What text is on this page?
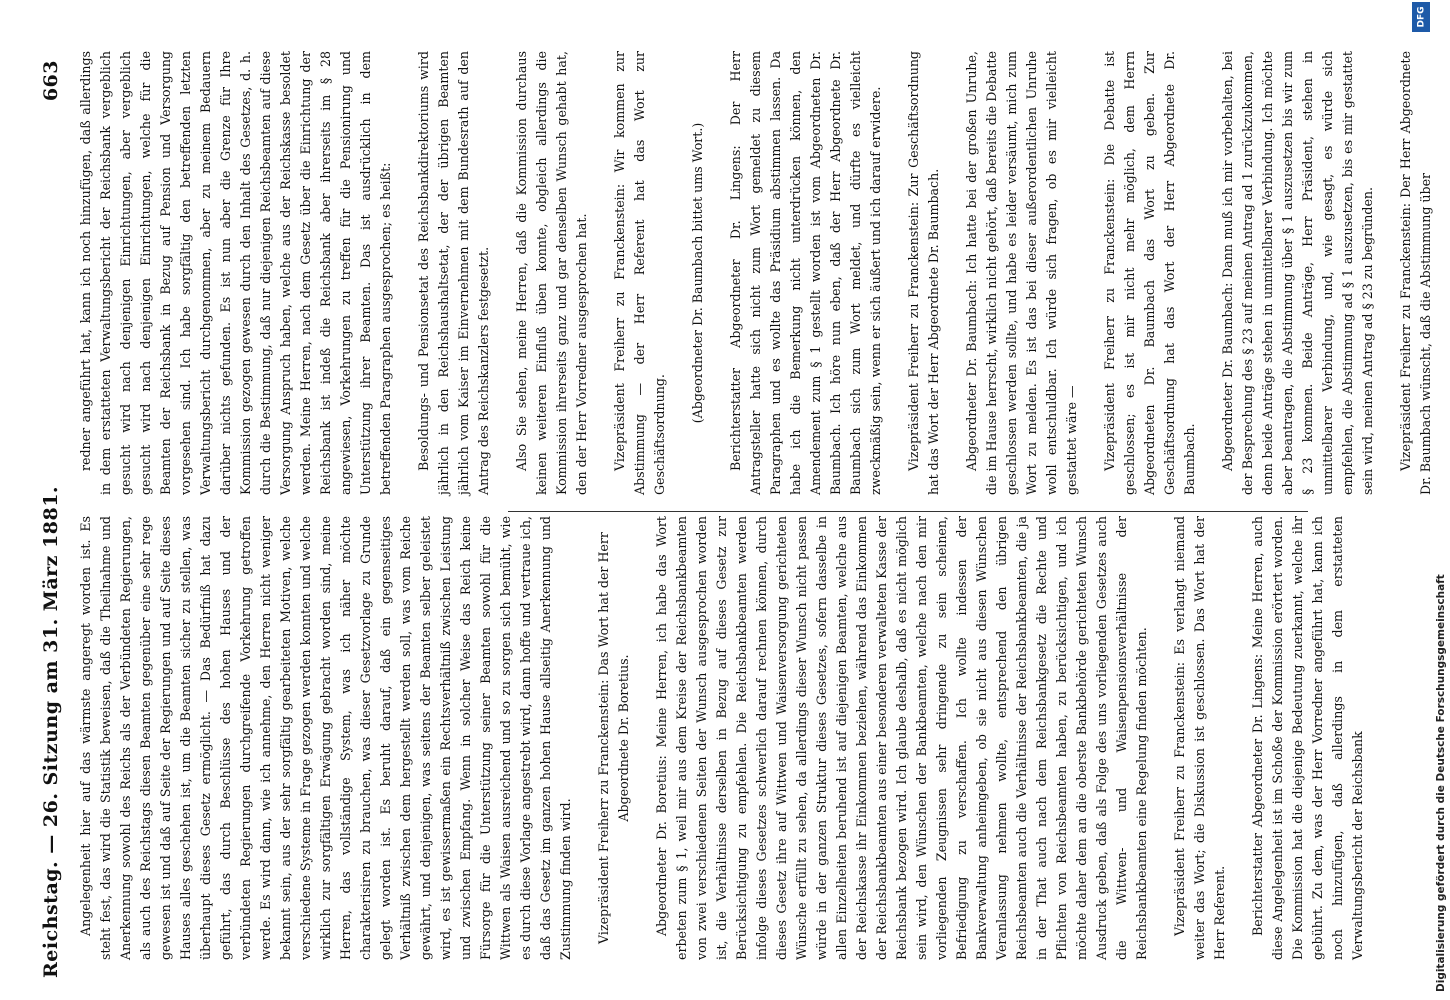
Reichstag. — 26. Sitzung am 31. März 1881.
663

Angelegenheit hier auf das wärmste angeregt worden ist. Es steht fest, das wird die Statistik beweisen, daß die Theilnahme und Anerkennung sowohl des Reichs als der Verbündeten Regierungen, als auch des Reichstags diesen Beamten gegenüber eine sehr rege gewesen ist und daß auf Seite der Regierungen und auf Seite dieses Hauses alles geschehen ist, um die Beamten sicher zu stellen, was überhaupt dieses Gesetz ermöglicht. — Das Bedürfniß hat dazu geführt, das durch Beschlüsse des hohen Hauses und der verbündeten Regierungen durchgreifende Vorkehrung getroffen werde. Es wird dann, wie ich annehme, den Herren nicht weniger bekannt sein, aus der sehr sorgfältig gearbeiteten Motiven, welche verschiedene Systeme in Frage gezogen werden konnten und welche wirklich zur sorgfältigen Erwägung gebracht worden sind, meine Herren, das vollständige System, was ich näher möchte charakterisiren zu brauchen, was dieser Gesetzvorlage zu Grunde gelegt worden ist. Es beruht darauf, daß ein gegenseitiges Verhältniß zwischen dem hergestellt werden soll, was vom Reiche gewährt, und denjenigen, was seitens der Beamten selber geleistet wird, es ist gewissermaßen ein Rechtsverhältniß zwischen Leistung und zwischen Empfang. Wenn in solcher Weise das Reich keine Fürsorge für die Unterstützung seiner Beamten sowohl für die Wittwen als Waisen ausreichend und so zu sorgen sich bemüht, wie es durch diese Vorlage angestrebt wird, dann hoffe und vertraue ich, daß das Gesetz im ganzen hohen Hause allseitig Anerkennung und Zustimmung finden wird. Vizepräsident Freiherr zu Franckenstein: Das Wort hat der Herr Abgeordnete Dr. Boretius. Abgeordneter Dr. Boretius: Meine Herren, ich habe das Wort erbeten zum § 1, weil mir aus dem Kreise der Reichsbankbeamten von zwei verschiedenen Seiten der Wunsch ausgesprochen worden ist, die Verhältnisse derselben in Bezug auf dieses Gesetz zur Berücksichtigung zu empfehlen. Die Reichsbankbeamten werden infolge dieses Gesetzes schwerlich darauf rechnen können, durch dieses Gesetz ihre auf Wittwen und Waisenversorgung gerichteten Wünsche erfüllt zu sehen, da allerdings dieser Wunsch nicht passen würde in der ganzen Struktur dieses Gesetzes, sofern dasselbe in allen Einzelheiten beruhend ist auf diejenigen Beamten, welche aus der Reichskasse ihr Einkommen beziehen, während das Einkommen der Reichsbankbeamten aus einer besonderen verwalteten Kasse der Reichsbank bezogen wird. Ich glaube deshalb, daß es nicht möglich sein wird, den Wünschen der Bankbeamten, welche nach den mir vorliegenden Zeugnissen sehr dringende zu sein scheinen, Befriedigung zu verschaffen. Ich wollte indessen der Bankverwaltung anheimgeben, ob sie nicht aus diesen Wünschen Veranlassung nehmen wollte, entsprechend den übrigen Reichsbeamten auch die Verhältnisse der Reichsbankbeamten, die ja in der That auch nach dem Reichsbankgesetz die Rechte und Pflichten von Reichsbeamten haben, zu berücksichtigen, und ich möchte daher dem an die oberste Bankbehörde gerichteten Wunsch Ausdruck geben, daß als Folge des uns vorliegenden Gesetzes auch die Wittwen- und Waisenpensionsverhältnisse der Reichsbankbeamten eine Regelung finden möchten. Vizepräsident Freiherr zu Franckenstein: Es verlangt niemand weiter das Wort; die Diskussion ist geschlossen. Das Wort hat der Herr Referent. Berichterstatter Abgeordneter Dr. Lingens: Meine Herren, auch diese Angelegenheit ist im Schoße der Kommission erörtert worden. Die Kommission hat die diejenige Bedeutung zuerkannt, welche ihr gebührt. Zu dem, was der Herr Vorredner angeführt hat, kann ich noch hinzufügen, daß allerdings in dem erstatteten Verwaltungsbericht der Reichsbank

redner angeführt hat, kann ich noch hinzufügen, daß allerdings in dem erstatteten Verwaltungsbericht der Reichsbank vergeblich gesucht wird nach denjenigen Einrichtungen, aber vergeblich gesucht wird nach denjenigen Einrichtungen, welche für die Beamten der Reichsbank in Bezug auf Pension und Versorgung vorgesehen sind. Ich habe sorgfältig den betreffenden letzten Verwaltungsbericht durchgenommen, aber zu meinem Bedauern darüber nichts gefunden. Es ist nun aber die Grenze für Ihre Kommission gezogen gewesen durch den Inhalt des Gesetzes, d. h. durch die Bestimmung, daß nur diejenigen Reichsbeamten auf diese Versorgung Anspruch haben, welche aus der Reichskasse besoldet werden. Meine Herren, nach dem Gesetz über die Einrichtung der Reichsbank ist indeß die Reichsbank aber ihrerseits im § 28 angewiesen, Vorkehrungen zu treffen für die Pensionirung und Unterstützung ihrer Beamten. Das ist ausdrücklich in dem betreffenden Paragraphen ausgesprochen; es heißt: Besoldungs- und Pensionsetat des Reichsbankdirektoriums wird jährlich in den Reichshaushaltsetat, der der übrigen Beamten jährlich vom Kaiser im Einvernehmen mit dem Bundesrath auf den Antrag des Reichskanzlers festgesetzt. Also Sie sehen, meine Herren, daß die Kommission durchaus keinen weiteren Einfluß üben konnte, obgleich allerdings die Kommission ihrerseits ganz und gar denselben Wunsch gehabt hat, den der Herr Vorredner ausgesprochen hat. Vizepräsident Freiherr zu Franckenstein: Wir kommen zur Abstimmung — der Herr Referent hat das Wort zur Geschäftsordnung.

(Abgeordneter Dr. Baumbach bittet ums Wort.) Berichterstatter Abgeordneter Dr. Lingens: Der Herr Antragsteller hatte sich nicht zum Wort gemeldet zu diesem Paragraphen und es wollte das Präsidium abstimmen lassen. Da habe ich die Bemerkung nicht unterdrücken können, den Amendement zum § 1 gestellt worden ist vom Abgeordneten Dr. Baumbach. Ich höre nun eben, daß der Herr Abgeordnete Dr. Baumbach sich zum Wort meldet, und dürfte es vielleicht zweckmäßig sein, wenn er sich äußert und ich darauf erwidere. Vizepräsident Freiherr zu Franckenstein: Zur Geschäftsordnung hat das Wort der Herr Abgeordnete Dr. Baumbach. Abgeordneter Dr. Baumbach: Ich hatte bei der großen Unruhe, die im Hause herrscht, wirklich nicht gehört, daß bereits die Debatte geschlossen werden sollte, und habe es leider versäumt, mich zum Wort zu melden. Es ist das bei dieser außerordentlichen Unruhe wohl entschuldbar. Ich würde sich fragen, ob es mir vielleicht gestattet wäre — Vizepräsident Freiherr zu Franckenstein: Die Debatte ist geschlossen; es ist mir nicht mehr möglich, dem Herrn Abgeordneten Dr. Baumbach das Wort zu geben. Zur Geschäftsordnung hat das Wort der Herr Abgeordnete Dr. Baumbach. Abgeordneter Dr. Baumbach: Dann muß ich mir vorbehalten, bei der Besprechung des § 23 auf meinen Antrag ad 1 zurückzukommen, denn beide Anträge stehen in unmittelbarer Verbindung. Ich möchte aber beantragen, die Abstimmung über § 1 auszusetzen bis wir zum § 23 kommen. Beide Anträge, Herr Präsident, stehen in unmittelbarer Verbindung, und, wie gesagt, es würde sich empfehlen, die Abstimmung ad § 1 auszusetzen, bis es mir gestattet sein wird, meinen Antrag ad § 23 zu begründen. Vizepräsident Freiherr zu Franckenstein: Der Herr Abgeordnete Dr. Baumbach wünscht, daß die Abstimmung über

Digitalisierung gefördert durch die Deutsche Forschungsgemeinschaft
DFG
